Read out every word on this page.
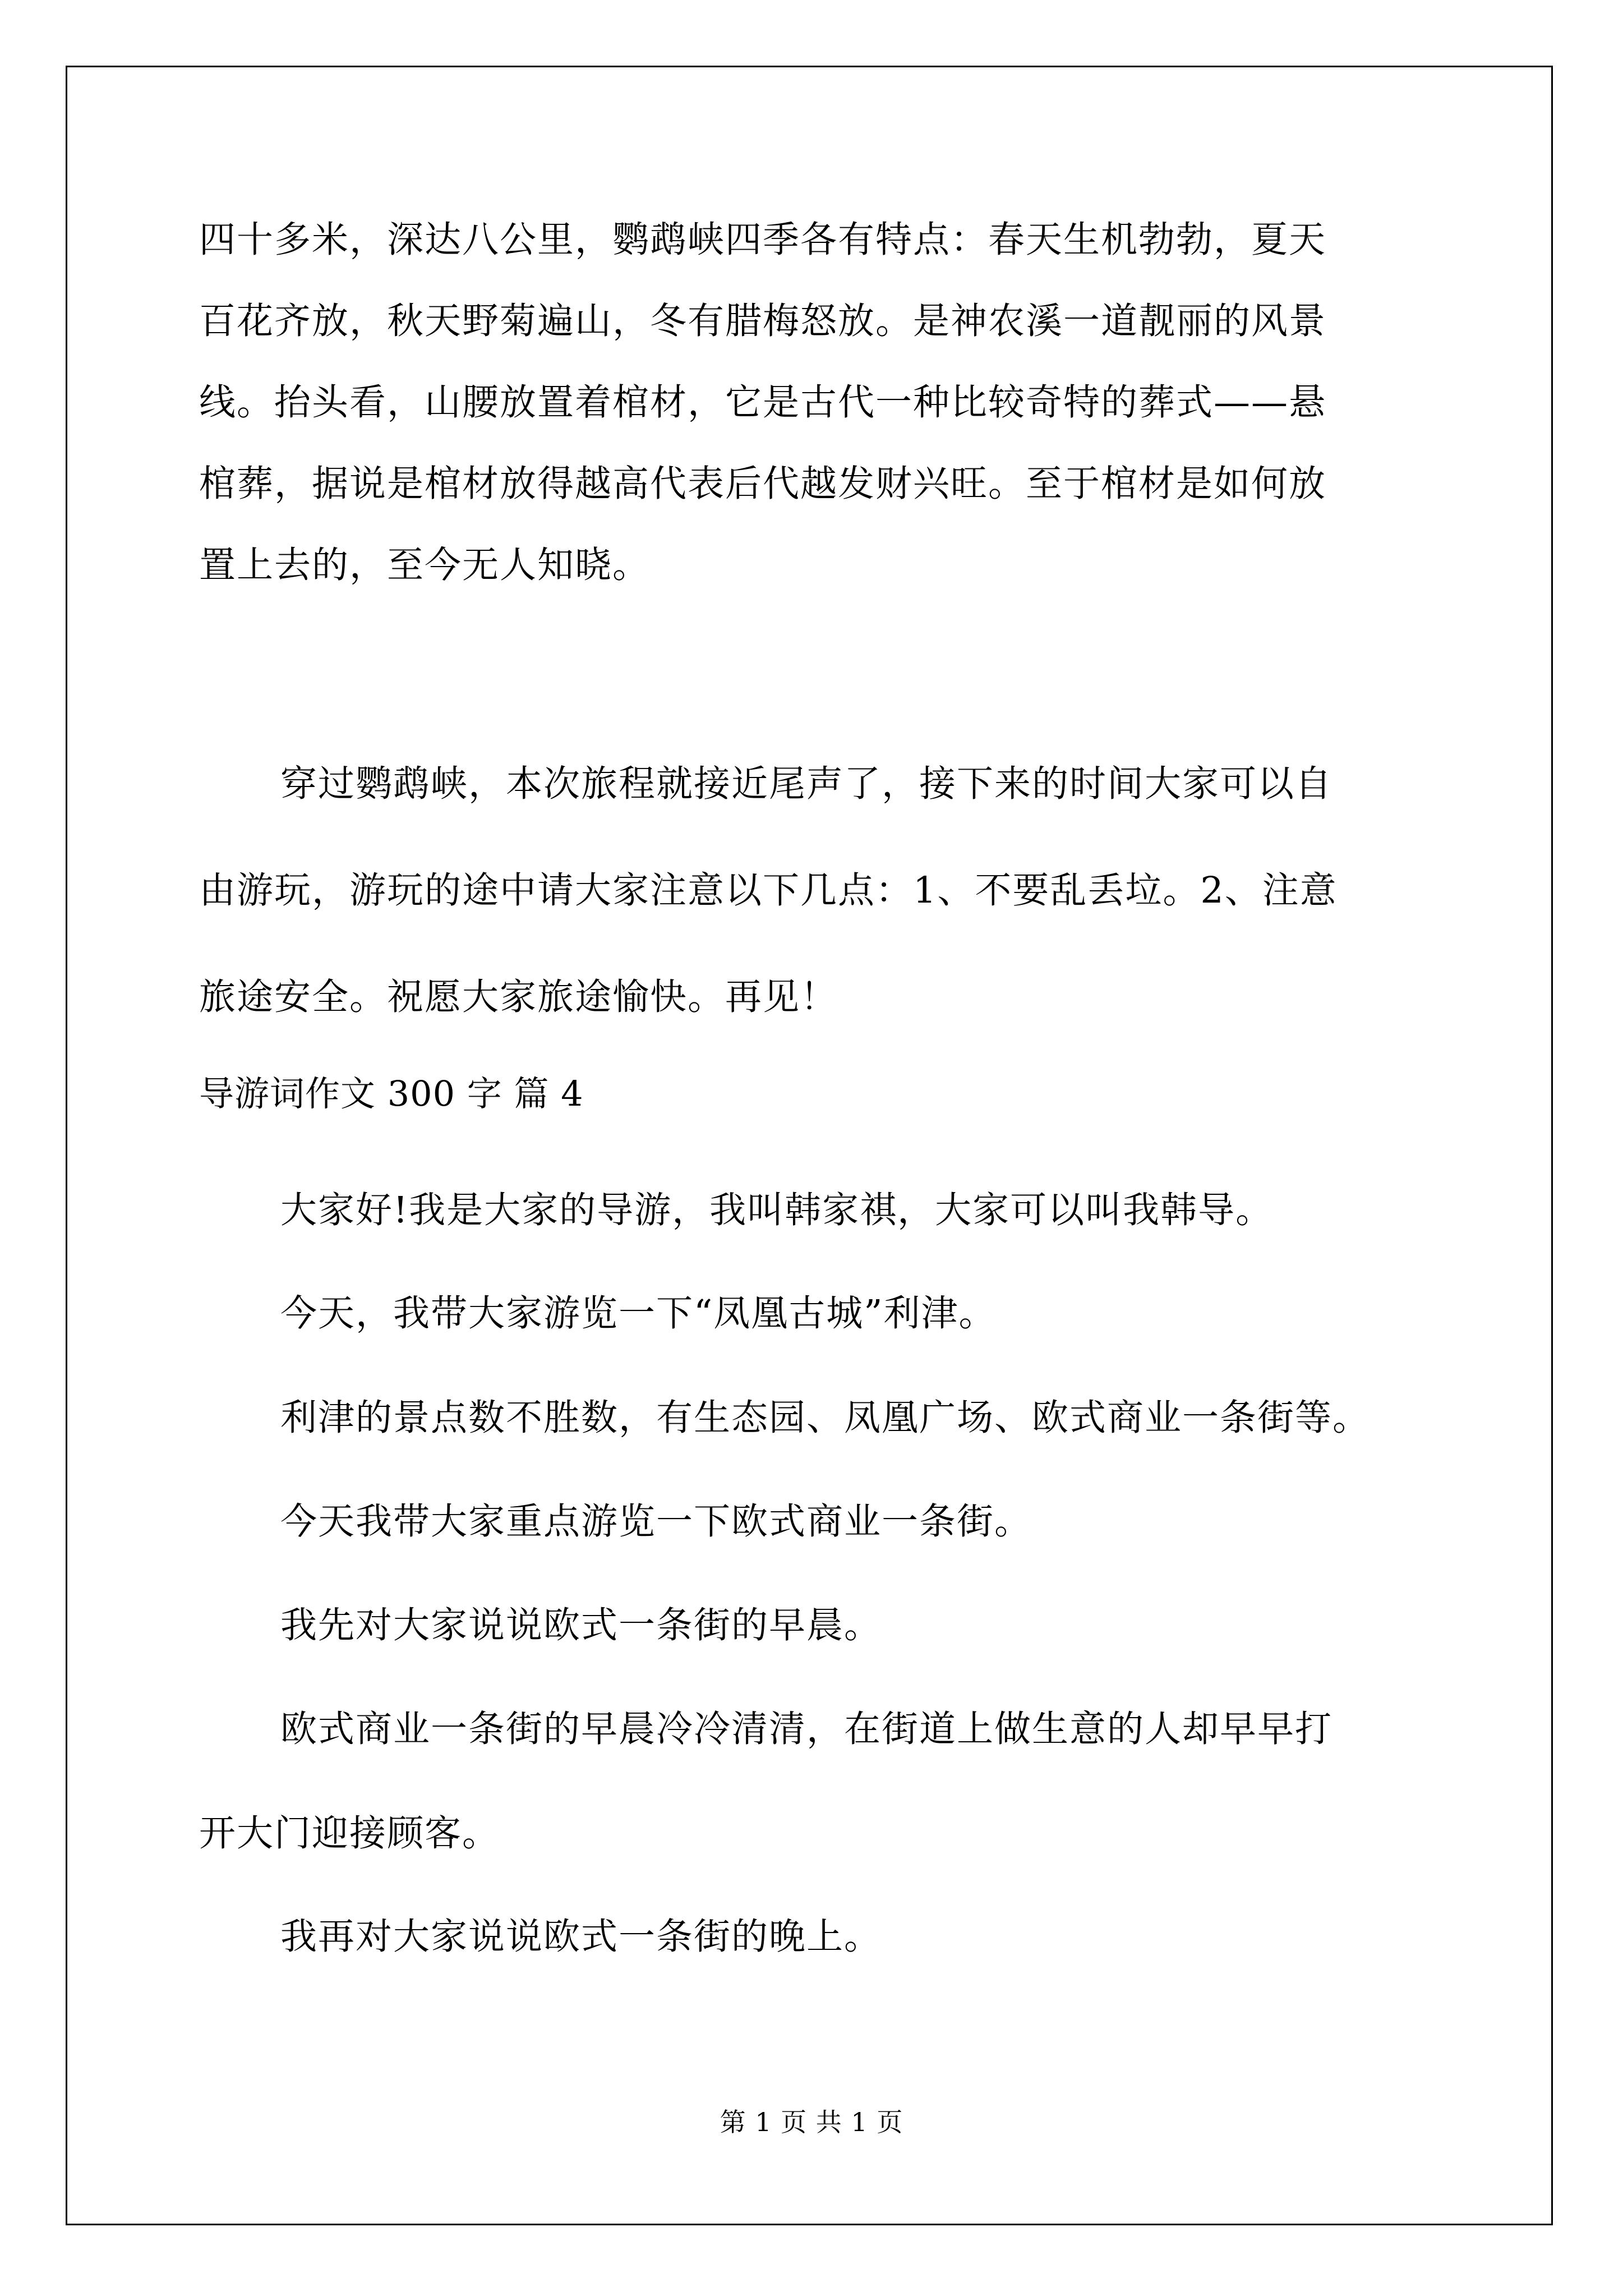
四十多米，深达八公里，鹦鹉峡四季各有特点：春天生机勃勃，夏天
百花齐放，秋天野菊遍山，冬有腊梅怒放。是神农溪一道靓丽的风景
线。抬头看，山腰放置着棺材，它是古代一种比较奇特的葬式——悬
棺葬，据说是棺材放得越高代表后代越发财兴旺。至于棺材是如何放
置上去的，至今无人知晓。
穿过鹦鹉峡，本次旅程就接近尾声了，接下来的时间大家可以自
由游玩，游玩的途中请大家注意以下几点：1、不要乱丢垃。2、注意
旅途安全。祝愿大家旅途愉快。再见！
导游词作文 300 字 篇 4
大家好!我是大家的导游，我叫韩家祺，大家可以叫我韩导。
今天，我带大家游览一下“凤凰古城”利津。
利津的景点数不胜数，有生态园、凤凰广场、欧式商业一条街等。
今天我带大家重点游览一下欧式商业一条街。
我先对大家说说欧式一条街的早晨。
欧式商业一条街的早晨冷冷清清，在街道上做生意的人却早早打
开大门迎接顾客。
我再对大家说说欧式一条街的晚上。
第 1 页 共 1 页
